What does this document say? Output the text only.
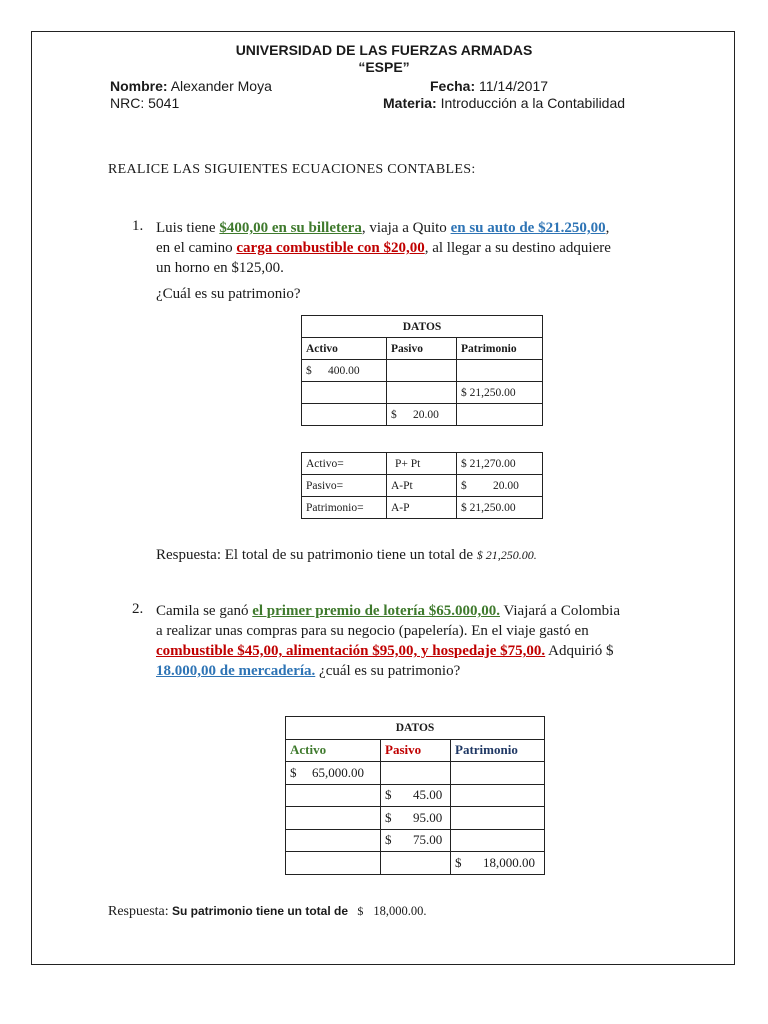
UNIVERSIDAD DE LAS FUERZAS ARMADAS
“ESPE”
Nombre: Alexander Moya	Fecha: 11/14/2017
NRC: 5041	Materia: Introducción a la Contabilidad
REALICE LAS SIGUIENTES ECUACIONES CONTABLES:
1. Luis tiene $400,00 en su billetera, viaja a Quito en su auto de $21.250,00,

en el camino carga combustible con $20,00, al llegar a su destino adquiere

un horno en $125,00.

¿Cuál es su patrimonio?
DATOS		
Activo	Pasivo	Patrimonio
$ 400.00		
		$ 21,250.00
	$ 20.00	
Activo=	P+ Pt	$ 21,270.00
Pasivo=	A-Pt	$ 20.00
Patrimonio=	A-P	$ 21,250.00
Respuesta: El total de su patrimonio tiene un total de $ 21,250.00.
2. Camila se ganó el primer premio de lotería $65.000,00. Viajará a Colombia

a realizar unas compras para su negocio (papelería). En el viaje gastó en

combustible $45,00, alimentación $95,00, y hospedaje $75,00. Adquirió $

18.000,00 de mercadería. ¿cuál es su patrimonio?

DATOS		
Activo	Pasivo	Patrimonio
$ 65,000.00		
	$ 45.00	
	$ 95.00	
	$ 75.00	
		$ 18,000.00
Respuesta: Su patrimonio tiene un total de $ 18,000.00.
